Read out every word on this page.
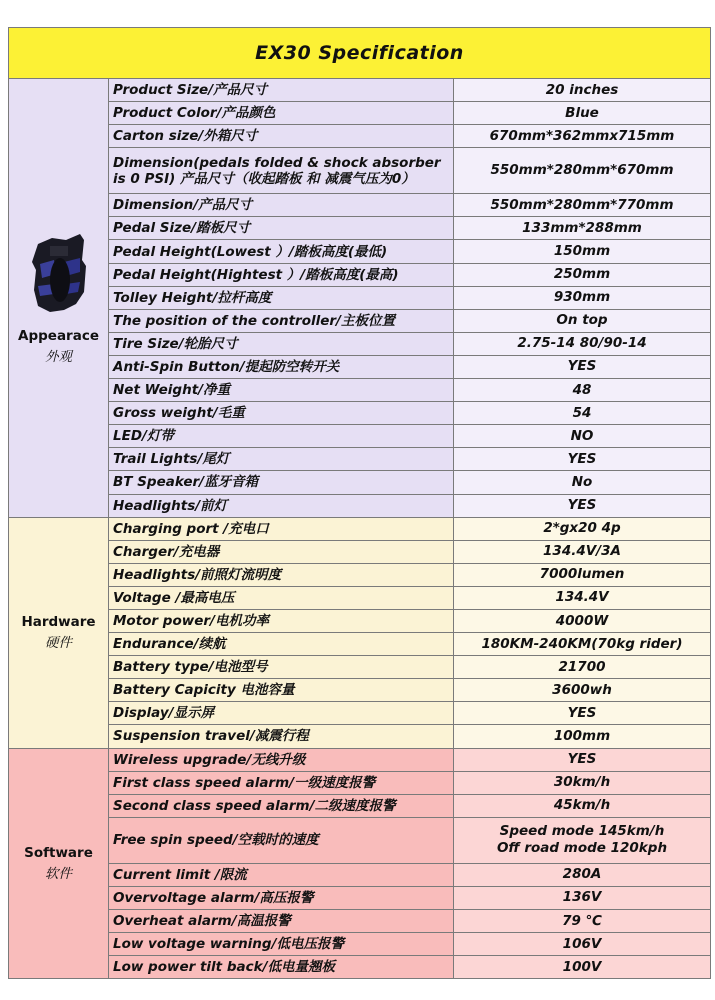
EX30 Specification		

Appearace
外观	Product Size/产品尺寸	20 inches

	Product Color/产品颜色	Blue

	Carton size/外箱尺寸	670mm*362mmx715mm

	Dimension(pedals folded & shock absorber is 0 PSI) 产品尺寸（收起踏板 和 减震气压为0）	550mm*280mm*670mm

	Dimension/产品尺寸	550mm*280mm*770mm

	Pedal Size/踏板尺寸	133mm*288mm

	Pedal Height(Lowest ）/踏板高度(最低)	150mm

	Pedal Height(Hightest ）/踏板高度(最高)	250mm

	Tolley Height/拉杆高度	930mm

	The position of the controller/主板位置	On top

	Tire Size/轮胎尺寸	2.75-14 80/90-14

	Anti-Spin Button/提起防空转开关	YES

	Net Weight/净重	48

	Gross weight/毛重	54

	LED/灯带	NO

	Trail Lights/尾灯	YES

	BT Speaker/蓝牙音箱	No

	Headlights/前灯	YES

Hardware
硬件	Charging port /充电口	2*gx20 4p

	Charger/充电器	134.4V/3A

	Headlights/前照灯流明度	7000lumen

	Voltage /最高电压	134.4V

	Motor power/电机功率	4000W

	Endurance/续航	180KM-240KM(70kg rider)

	Battery type/电池型号	21700

	Battery Capicity 电池容量	3600wh

	Display/显示屏	YES

	Suspension travel/减震行程	100mm

Software
软件	Wireless upgrade/无线升级	YES

	First class speed alarm/一级速度报警	30km/h

	Second class speed alarm/二级速度报警	45km/h

	Free spin speed/空载时的速度	Speed mode 145km/h
Off road mode 120kph

	Current limit /限流	280A

	Overvoltage alarm/高压报警	136V

	Overheat alarm/高温报警	79 ℃

	Low voltage warning/低电压报警	106V

	Low power tilt back/低电量翘板	100V
